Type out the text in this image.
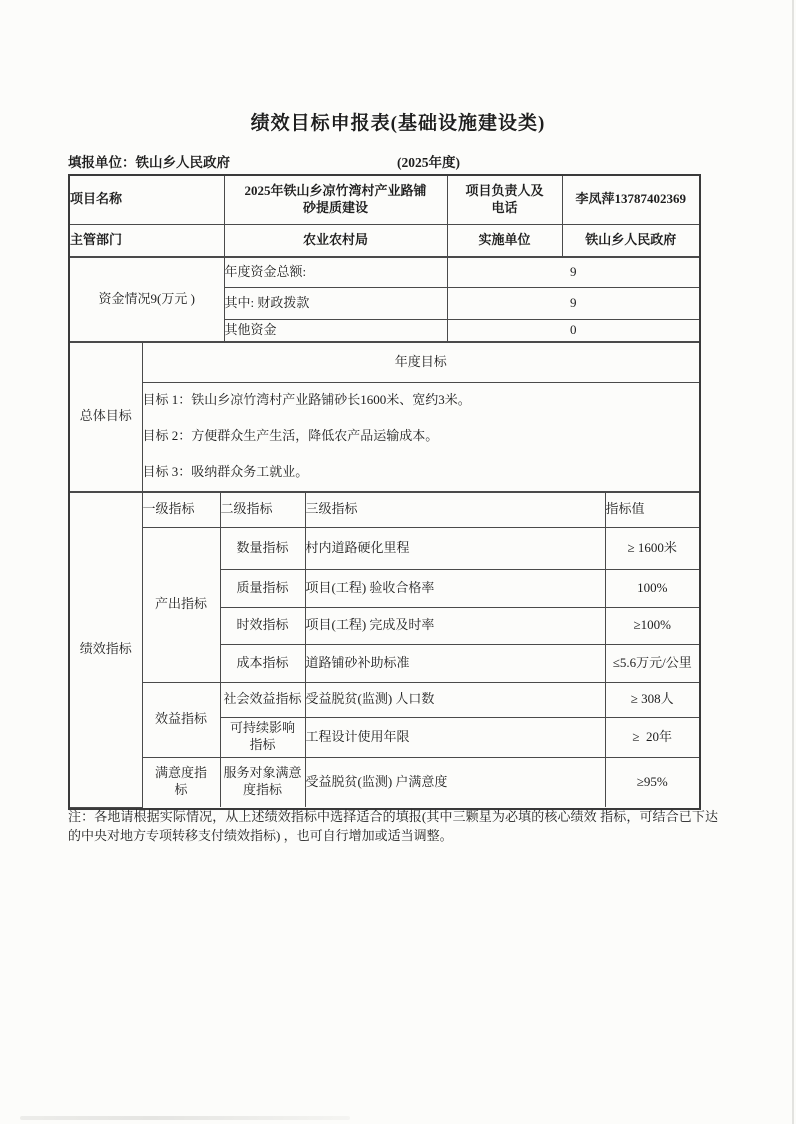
绩效目标申报表(基础设施建设类)
填报单位：铁山乡人民政府	(2025年度)
项目名称	2025年铁山乡凉竹湾村产业路铺砂提质建设	项目负责人及电话	李凤萍13787402369
主管部门	农业农村局	实施单位	铁山乡人民政府
资金情况9(万元 )	年度资金总额:	9
	其中: 财政拨款	9
	其他资金	0
总体目标	年度目标

目标 1：铁山乡凉竹湾村产业路铺砂长1600米、宽约3米。
目标 2：方便群众生产生活，降低农产品运输成本。
目标 3：吸纳群众务工就业。
绩效指标	一级指标	二级指标	三级指标	指标值
	产出指标	数量指标	村内道路硬化里程	≥ 1600米
		质量指标	项目(工程) 验收合格率	100%
		时效指标	项目(工程) 完成及时率	≥100%
		成本指标	道路铺砂补助标准	≤5.6万元/公里
	效益指标	社会效益指标	受益脱贫(监测) 人口数	≥ 308人
		可持续影响指标	工程设计使用年限	≥  20年
	满意度指标	服务对象满意度指标	受益脱贫(监测) 户满意度	≥95%
注：各地请根据实际情况，从上述绩效指标中选择适合的填报(其中三颗星为必填的核心绩效 指标，可结合已下达的中央对地方专项转移支付绩效指标) ，也可自行增加或适当调整。
